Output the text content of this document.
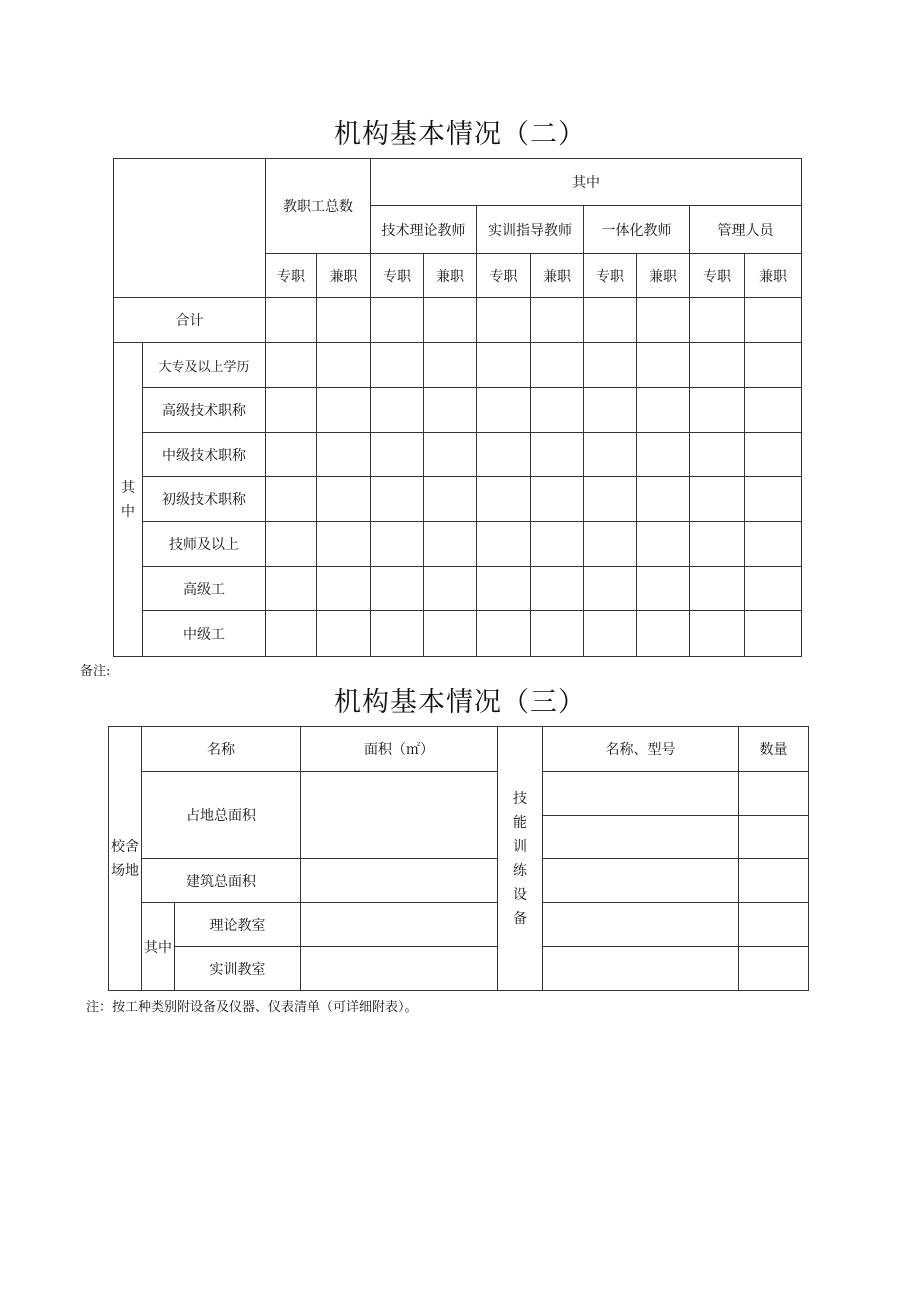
机构基本情况（二）
		教职工总数		其中							
				技术理论教师		实训指导教师		一体化教师		管理人员	
		专职	兼职	专职	兼职	专职	兼职	专职	兼职	专职	兼职
合计											
其中	大专及以上学历										
	高级技术职称										
	中级技术职称										
	初级技术职称										
	技师及以上										
	高级工										
	中级工										
备注:
机构基本情况（三）
校舍场地	名称		面积（㎡）	技能训练设备	名称、型号	数量
	占地总面积					

	建筑总面积					
	其中	理论教室				
		实训教室				
注：按工种类别附设备及仪器、仪表清单（可详细附表）。
